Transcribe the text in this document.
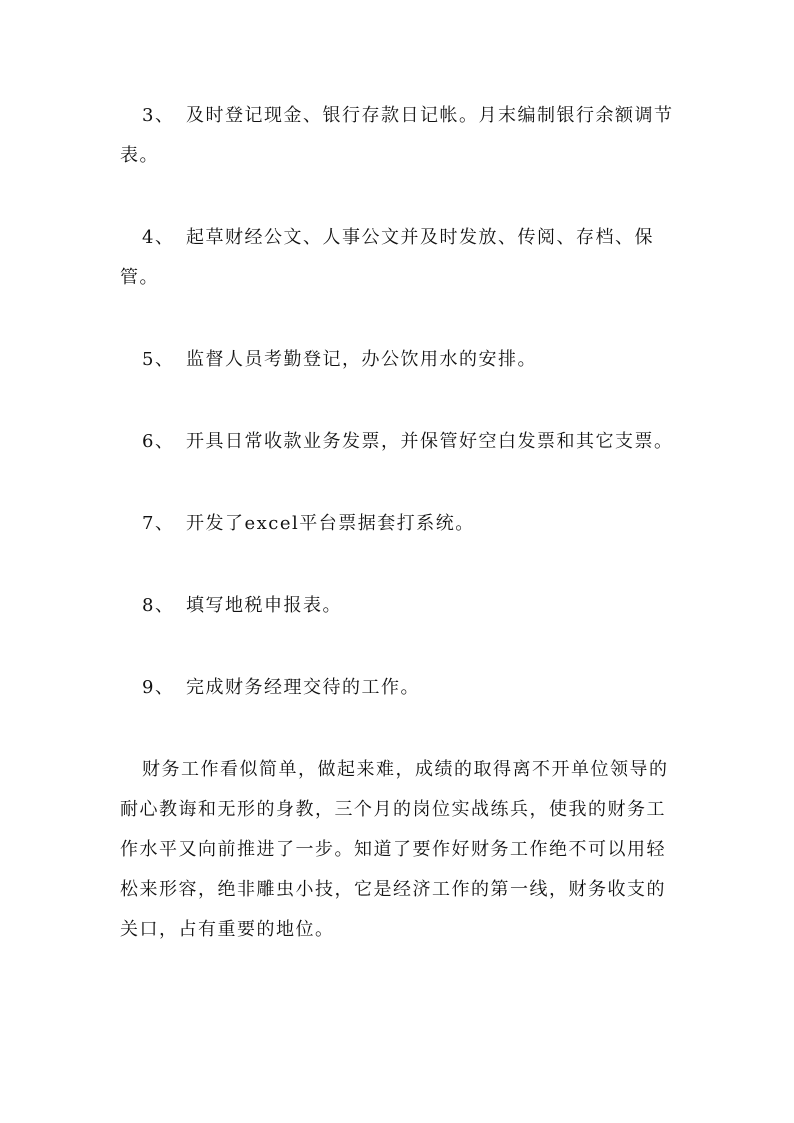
3、 及时登记现金、银行存款日记帐。月末编制银行余额调节表。

4、 起草财经公文、人事公文并及时发放、传阅、存档、保管。

5、 监督人员考勤登记，办公饮用水的安排。

6、 开具日常收款业务发票，并保管好空白发票和其它支票。

7、 开发了excel平台票据套打系统。

8、 填写地税申报表。

9、 完成财务经理交待的工作。

财务工作看似简单，做起来难，成绩的取得离不开单位领导的耐心教诲和无形的身教，三个月的岗位实战练兵，使我的财务工作水平又向前推进了一步。知道了要作好财务工作绝不可以用轻松来形容，绝非雕虫小技，它是经济工作的第一线，财务收支的关口，占有重要的地位。
